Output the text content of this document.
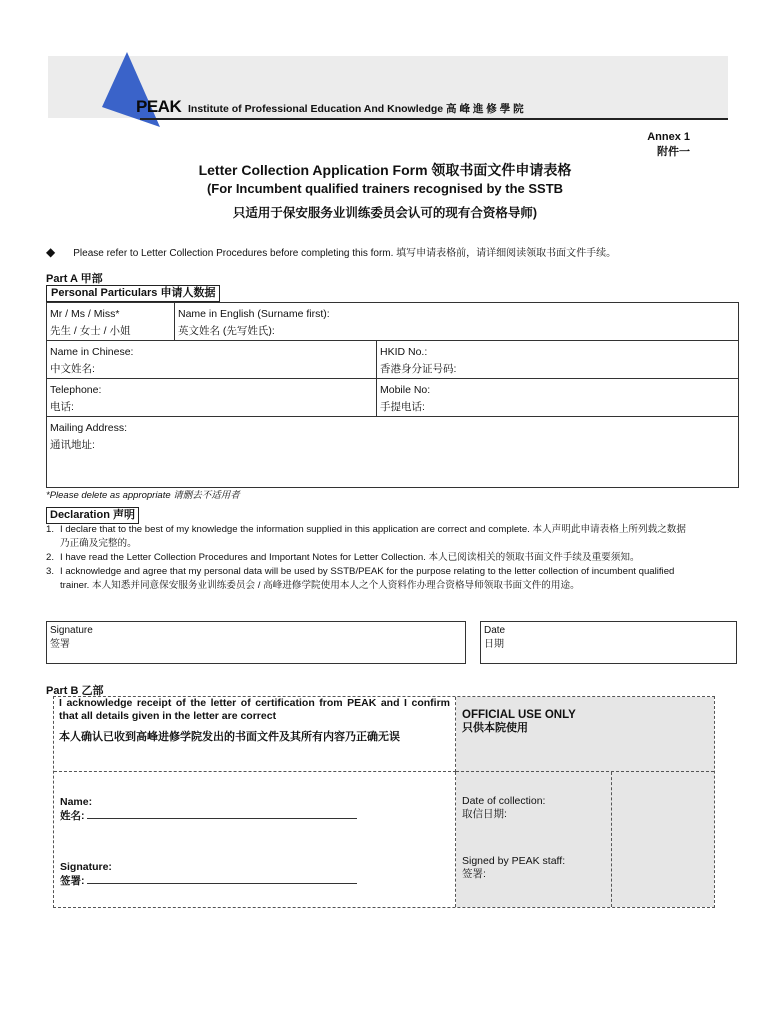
PEAK Institute of Professional Education And Knowledge 高 峰 進 修 學 院
Annex 1
附件一
Letter Collection Application Form 领取书面文件申请表格
(For Incumbent qualified trainers recognised by the SSTB
只适用于保安服务业训练委员会认可的现有合资格导师)
◆ Please refer to Letter Collection Procedures before completing this form. 填写申请表格前，请详细阅读领取书面文件手续。
Part A 甲部
Personal Particulars 申请人数据
Mr / Ms / Miss*
先生 / 女士 / 小姐
Name in English (Surname first):
英文姓名 (先写姓氏):
Name in Chinese:
中文姓名:
HKID No.:
香港身分证号码:
Telephone:
电话:
Mobile No:
手提电话:
Mailing Address:
通讯地址:
*Please delete as appropriate 请删去不适用者
Declaration 声明
1. I declare that to the best of my knowledge the information supplied in this application are correct and complete. 本人声明此申请表格上所列载之数据乃正确及完整的。
2. I have read the Letter Collection Procedures and Important Notes for Letter Collection. 本人已阅读相关的领取书面文件手续及重要须知。
3. I acknowledge and agree that my personal data will be used by SSTB/PEAK for the purpose relating to the letter collection of incumbent qualified trainer. 本人知悉并同意保安服务业训练委员会 / 高峰进修学院使用本人之个人资料作办理合资格导师领取书面文件的用途。
Signature
签署
Date
日期
Part B 乙部
I acknowledge receipt of the letter of certification from PEAK and I confirm that all details given in the letter are correct
本人确认已收到高峰进修学院发出的书面文件及其所有内容乃正确无误
OFFICIAL USE ONLY
只供本院使用
Name:
姓名:
Signature:
签署:
Date of collection:
取信日期:
Signed by PEAK staff:
签署:
